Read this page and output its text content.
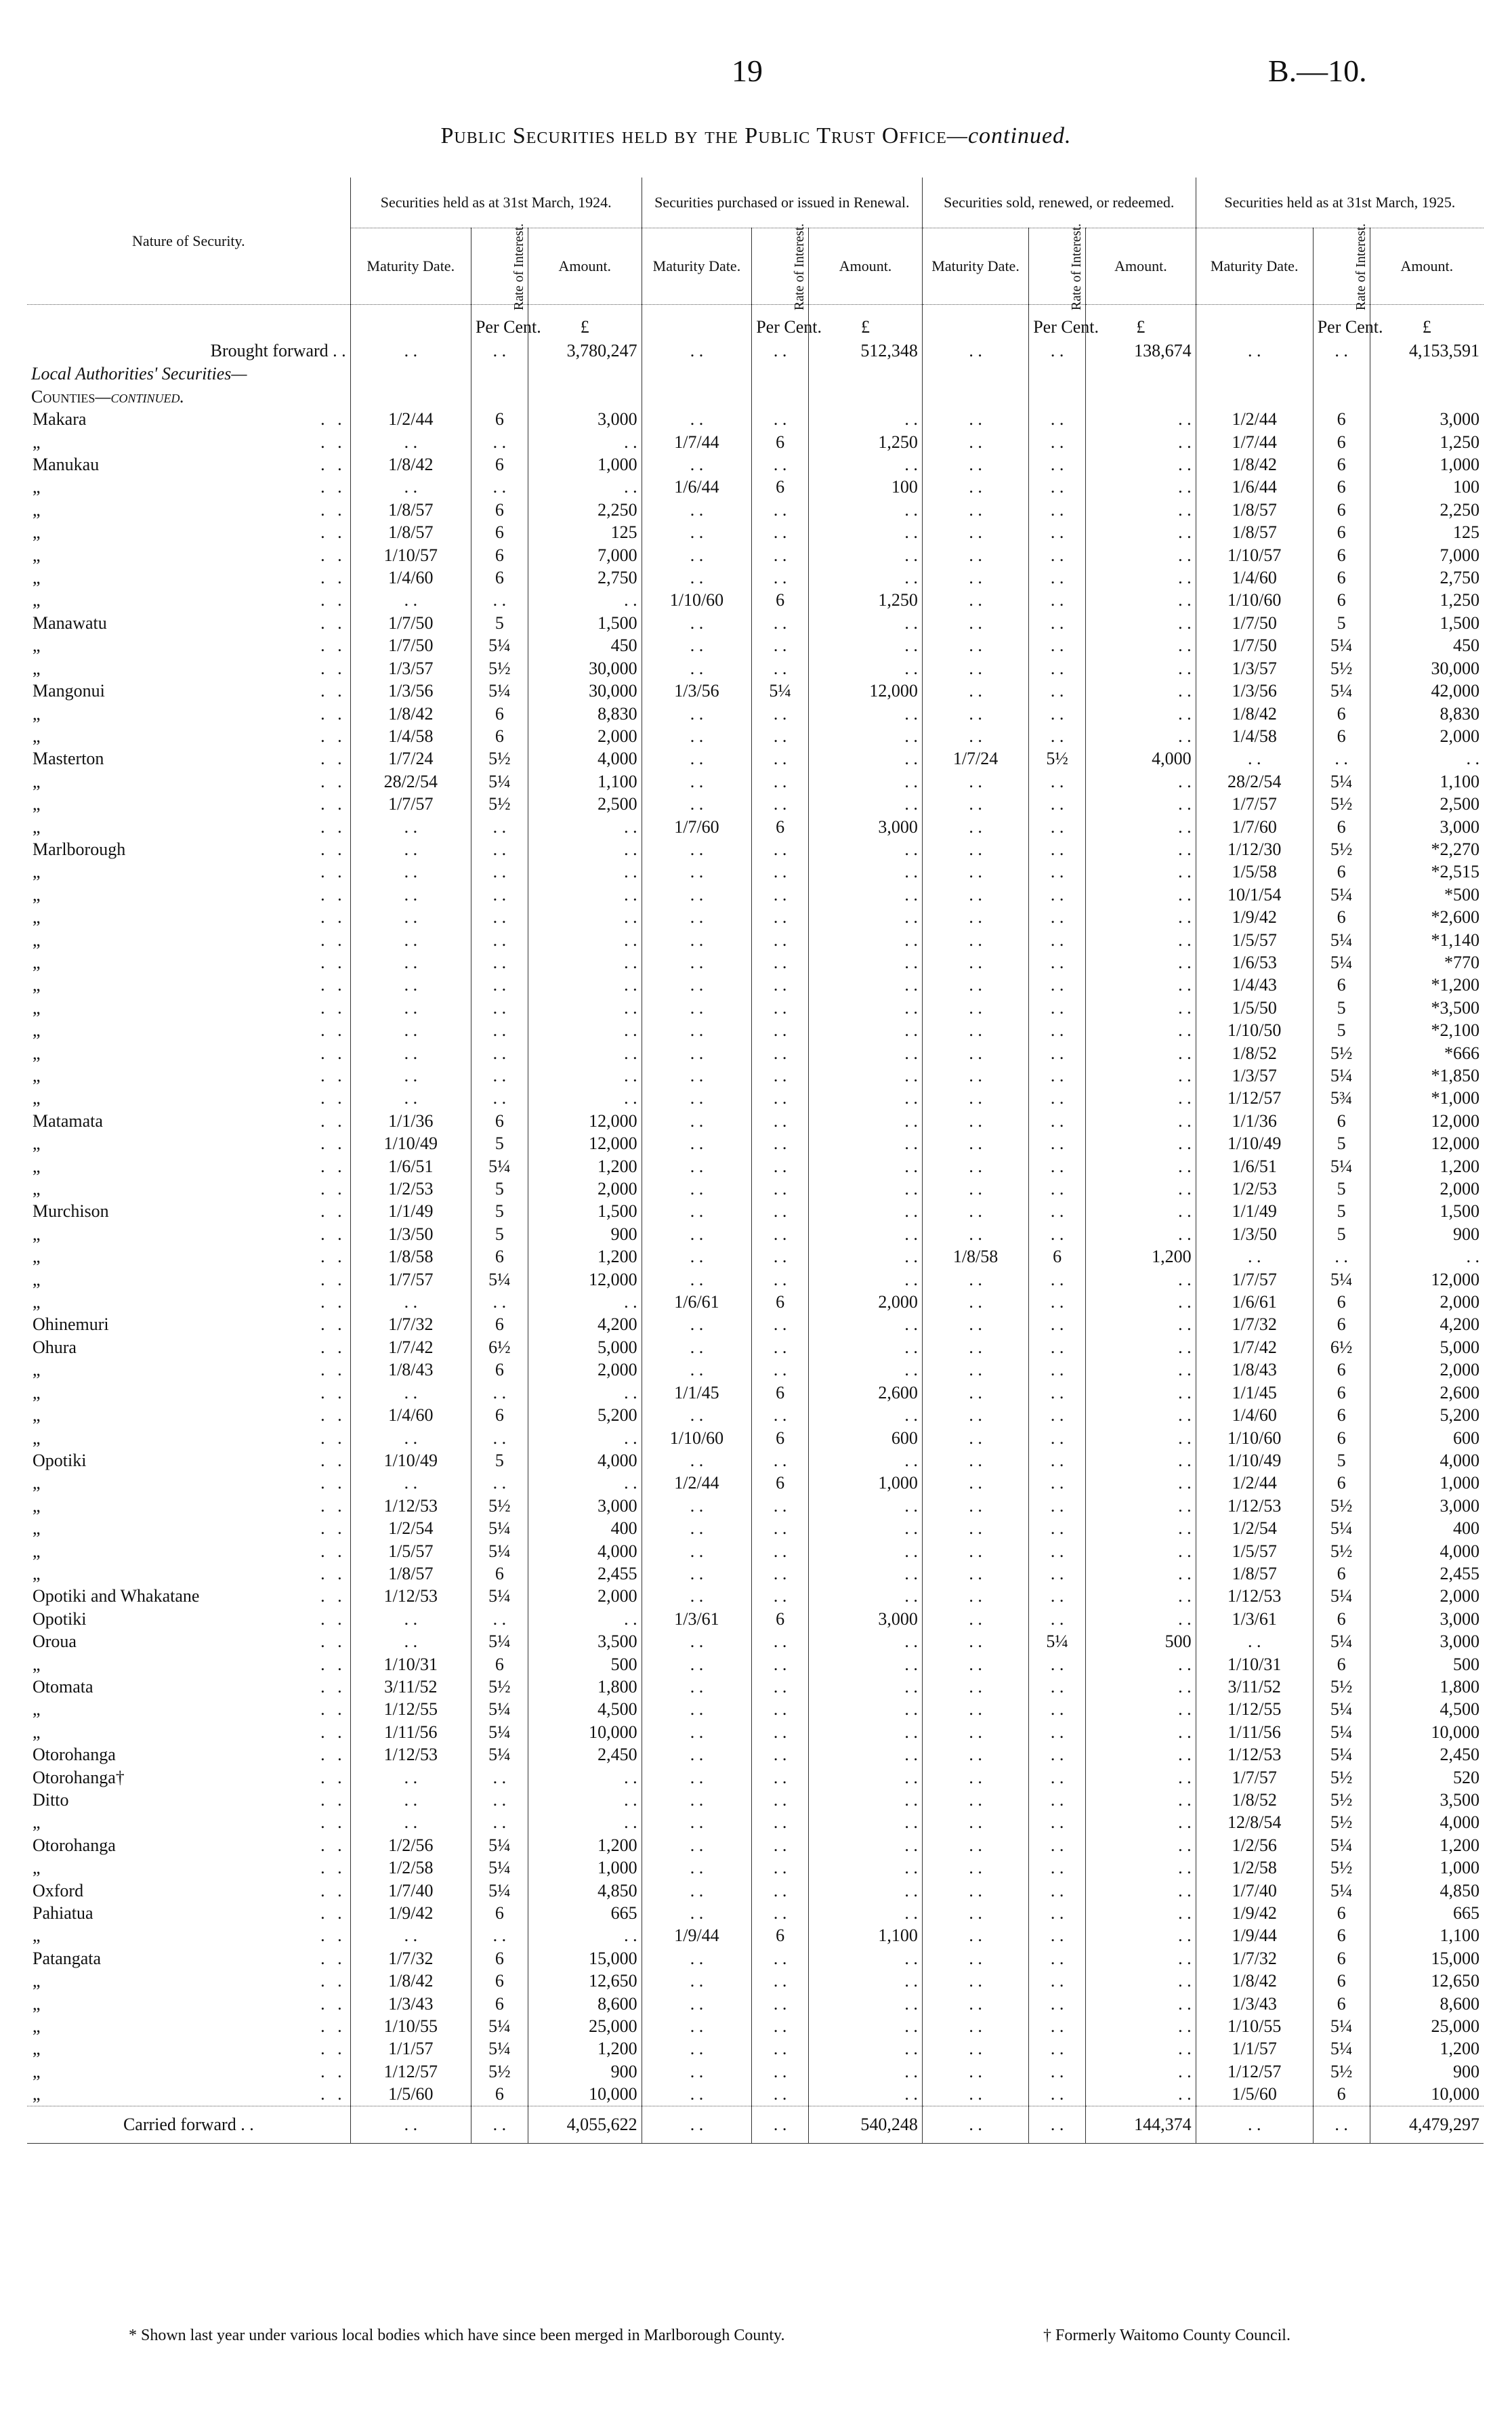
19	B.—10.
Public Securities held by the Public Trust Office—continued.
Nature of Security.	Securities held as at 31st March, 1924.			Securities purchased or issued in Renewal.			Securities sold, renewed, or redeemed.			Securities held as at 31st March, 1925.		
	Maturity Date.	Rate of Interest.	Amount.	Maturity Date.	Rate of Interest.	Amount.	Maturity Date.	Rate of Interest.	Amount.	Maturity Date.	Rate of Interest.	Amount.
		Per Cent.	£		Per Cent.	£		Per Cent.	£		Per Cent.	£
Brought forward . .	. .	. .	3,780,247	. .	. .	512,348	. .	. .	138,674	. .	. .	4,153,591
Local Authorities' Securities—												
Counties—continued.												
Makara . .	1/2/44	6	3,000	. .	. .	. .	. .	. .	. .	1/2/44	6	3,000
„ . .	. .	. .	. .	1/7/44	6	1,250	. .	. .	. .	1/7/44	6	1,250
Manukau . .	1/8/42	6	1,000	. .	. .	. .	. .	. .	. .	1/8/42	6	1,000
„ . .	. .	. .	. .	1/6/44	6	100	. .	. .	. .	1/6/44	6	100
„ . .	1/8/57	6	2,250	. .	. .	. .	. .	. .	. .	1/8/57	6	2,250
„ . .	1/8/57	6	125	. .	. .	. .	. .	. .	. .	1/8/57	6	125
„ . .	1/10/57	6	7,000	. .	. .	. .	. .	. .	. .	1/10/57	6	7,000
„ . .	1/4/60	6	2,750	. .	. .	. .	. .	. .	. .	1/4/60	6	2,750
„ . .	. .	. .	. .	1/10/60	6	1,250	. .	. .	. .	1/10/60	6	1,250
Manawatu . .	1/7/50	5	1,500	. .	. .	. .	. .	. .	. .	1/7/50	5	1,500
„ . .	1/7/50	5¼	450	. .	. .	. .	. .	. .	. .	1/7/50	5¼	450
„ . .	1/3/57	5½	30,000	. .	. .	. .	. .	. .	. .	1/3/57	5½	30,000
Mangonui . .	1/3/56	5¼	30,000	1/3/56	5¼	12,000	. .	. .	. .	1/3/56	5¼	42,000
„ . .	1/8/42	6	8,830	. .	. .	. .	. .	. .	. .	1/8/42	6	8,830
„ . .	1/4/58	6	2,000	. .	. .	. .	. .	. .	. .	1/4/58	6	2,000
Masterton . .	1/7/24	5½	4,000	. .	. .	. .	1/7/24	5½	4,000	. .	. .	. .
„ . .	28/2/54	5¼	1,100	. .	. .	. .	. .	. .	. .	28/2/54	5¼	1,100
„ . .	1/7/57	5½	2,500	. .	. .	. .	. .	. .	. .	1/7/57	5½	2,500
„ . .	. .	. .	. .	1/7/60	6	3,000	. .	. .	. .	1/7/60	6	3,000
Marlborough . .	. .	. .	. .	. .	. .	. .	. .	. .	. .	1/12/30	5½	*2,270
„ . .	. .	. .	. .	. .	. .	. .	. .	. .	. .	1/5/58	6	*2,515
„ . .	. .	. .	. .	. .	. .	. .	. .	. .	. .	10/1/54	5¼	*500
„ . .	. .	. .	. .	. .	. .	. .	. .	. .	. .	1/9/42	6	*2,600
„ . .	. .	. .	. .	. .	. .	. .	. .	. .	. .	1/5/57	5¼	*1,140
„ . .	. .	. .	. .	. .	. .	. .	. .	. .	. .	1/6/53	5¼	*770
„ . .	. .	. .	. .	. .	. .	. .	. .	. .	. .	1/4/43	6	*1,200
„ . .	. .	. .	. .	. .	. .	. .	. .	. .	. .	1/5/50	5	*3,500
„ . .	. .	. .	. .	. .	. .	. .	. .	. .	. .	1/10/50	5	*2,100
„ . .	. .	. .	. .	. .	. .	. .	. .	. .	. .	1/8/52	5½	*666
„ . .	. .	. .	. .	. .	. .	. .	. .	. .	. .	1/3/57	5¼	*1,850
„ . .	. .	. .	. .	. .	. .	. .	. .	. .	. .	1/12/57	5¾	*1,000
Matamata . .	1/1/36	6	12,000	. .	. .	. .	. .	. .	. .	1/1/36	6	12,000
„ . .	1/10/49	5	12,000	. .	. .	. .	. .	. .	. .	1/10/49	5	12,000
„ . .	1/6/51	5¼	1,200	. .	. .	. .	. .	. .	. .	1/6/51	5¼	1,200
„ . .	1/2/53	5	2,000	. .	. .	. .	. .	. .	. .	1/2/53	5	2,000
Murchison . .	1/1/49	5	1,500	. .	. .	. .	. .	. .	. .	1/1/49	5	1,500
„ . .	1/3/50	5	900	. .	. .	. .	. .	. .	. .	1/3/50	5	900
„ . .	1/8/58	6	1,200	. .	. .	. .	1/8/58	6	1,200	. .	. .	. .
„ . .	1/7/57	5¼	12,000	. .	. .	. .	. .	. .	. .	1/7/57	5¼	12,000
„ . .	. .	. .	. .	1/6/61	6	2,000	. .	. .	. .	1/6/61	6	2,000
Ohinemuri . .	1/7/32	6	4,200	. .	. .	. .	. .	. .	. .	1/7/32	6	4,200
Ohura . .	1/7/42	6½	5,000	. .	. .	. .	. .	. .	. .	1/7/42	6½	5,000
„ . .	1/8/43	6	2,000	. .	. .	. .	. .	. .	. .	1/8/43	6	2,000
„ . .	. .	. .	. .	1/1/45	6	2,600	. .	. .	. .	1/1/45	6	2,600
„ . .	1/4/60	6	5,200	. .	. .	. .	. .	. .	. .	1/4/60	6	5,200
„ . .	. .	. .	. .	1/10/60	6	600	. .	. .	. .	1/10/60	6	600
Opotiki . .	1/10/49	5	4,000	. .	. .	. .	. .	. .	. .	1/10/49	5	4,000
„ . .	. .	. .	. .	1/2/44	6	1,000	. .	. .	. .	1/2/44	6	1,000
„ . .	1/12/53	5½	3,000	. .	. .	. .	. .	. .	. .	1/12/53	5½	3,000
„ . .	1/2/54	5¼	400	. .	. .	. .	. .	. .	. .	1/2/54	5¼	400
„ . .	1/5/57	5¼	4,000	. .	. .	. .	. .	. .	. .	1/5/57	5½	4,000
„ . .	1/8/57	6	2,455	. .	. .	. .	. .	. .	. .	1/8/57	6	2,455
Opotiki and Whakatane . .	1/12/53	5¼	2,000	. .	. .	. .	. .	. .	. .	1/12/53	5¼	2,000
Opotiki . .	. .	. .	. .	1/3/61	6	3,000	. .	. .	. .	1/3/61	6	3,000
Oroua . .	. .	5¼	3,500	. .	. .	. .	. .	5¼	500	. .	5¼	3,000
„ . .	1/10/31	6	500	. .	. .	. .	. .	. .	. .	1/10/31	6	500
Otomata . .	3/11/52	5½	1,800	. .	. .	. .	. .	. .	. .	3/11/52	5½	1,800
„ . .	1/12/55	5¼	4,500	. .	. .	. .	. .	. .	. .	1/12/55	5¼	4,500
„ . .	1/11/56	5¼	10,000	. .	. .	. .	. .	. .	. .	1/11/56	5¼	10,000
Otorohanga . .	1/12/53	5¼	2,450	. .	. .	. .	. .	. .	. .	1/12/53	5¼	2,450
Otorohanga† . .	. .	. .	. .	. .	. .	. .	. .	. .	. .	1/7/57	5½	520
Ditto . .	. .	. .	. .	. .	. .	. .	. .	. .	. .	1/8/52	5½	3,500
„ . .	. .	. .	. .	. .	. .	. .	. .	. .	. .	12/8/54	5½	4,000
Otorohanga . .	1/2/56	5¼	1,200	. .	. .	. .	. .	. .	. .	1/2/56	5¼	1,200
„ . .	1/2/58	5¼	1,000	. .	. .	. .	. .	. .	. .	1/2/58	5½	1,000
Oxford . .	1/7/40	5¼	4,850	. .	. .	. .	. .	. .	. .	1/7/40	5¼	4,850
Pahiatua . .	1/9/42	6	665	. .	. .	. .	. .	. .	. .	1/9/42	6	665
„ . .	. .	. .	. .	1/9/44	6	1,100	. .	. .	. .	1/9/44	6	1,100
Patangata . .	1/7/32	6	15,000	. .	. .	. .	. .	. .	. .	1/7/32	6	15,000
„ . .	1/8/42	6	12,650	. .	. .	. .	. .	. .	. .	1/8/42	6	12,650
„ . .	1/3/43	6	8,600	. .	. .	. .	. .	. .	. .	1/3/43	6	8,600
„ . .	1/10/55	5¼	25,000	. .	. .	. .	. .	. .	. .	1/10/55	5¼	25,000
„ . .	1/1/57	5¼	1,200	. .	. .	. .	. .	. .	. .	1/1/57	5¼	1,200
„ . .	1/12/57	5½	900	. .	. .	. .	. .	. .	. .	1/12/57	5½	900
„ . .	1/5/60	6	10,000	. .	. .	. .	. .	. .	. .	1/5/60	6	10,000
Carried forward . .	. .	. .	4,055,622	. .	. .	540,248	. .	. .	144,374	. .	. .	4,479,297
* Shown last year under various local bodies which have since been merged in Marlborough County.	† Formerly Waitomo County Council.
